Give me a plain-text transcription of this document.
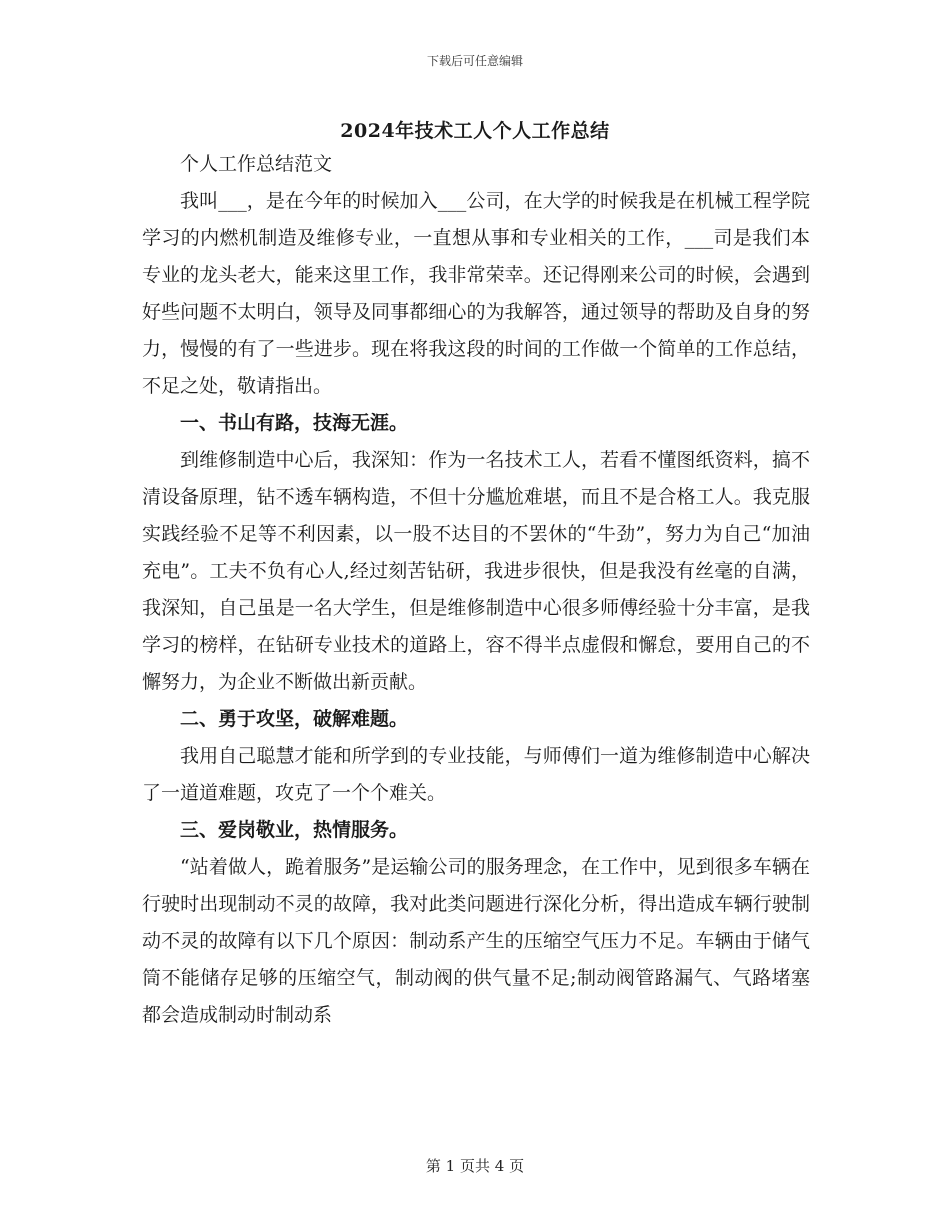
下载后可任意编辑
2024年技术工人个人工作总结

个人工作总结范文

我叫___，是在今年的时候加入___公司，在大学的时候我是在机械工程学院学习的内燃机制造及维修专业，一直想从事和专业相关的工作，___司是我们本专业的龙头老大，能来这里工作，我非常荣幸。还记得刚来公司的时候，会遇到好些问题不太明白，领导及同事都细心的为我解答，通过领导的帮助及自身的努力，慢慢的有了一些进步。现在将我这段的时间的工作做一个简单的工作总结，不足之处，敬请指出。

一、书山有路，技海无涯。

到维修制造中心后，我深知：作为一名技术工人，若看不懂图纸资料，搞不清设备原理，钻不透车辆构造，不但十分尴尬难堪，而且不是合格工人。我克服实践经验不足等不利因素，以一股不达目的不罢休的“牛劲”，努力为自己“加油充电”。工夫不负有心人,经过刻苦钻研，我进步很快，但是我没有丝毫的自满，我深知，自己虽是一名大学生，但是维修制造中心很多师傅经验十分丰富，是我学习的榜样，在钻研专业技术的道路上，容不得半点虚假和懈怠，要用自己的不懈努力，为企业不断做出新贡献。

二、勇于攻坚，破解难题。

我用自己聪慧才能和所学到的专业技能，与师傅们一道为维修制造中心解决了一道道难题，攻克了一个个难关。

三、爱岗敬业，热情服务。

“站着做人，跪着服务”是运输公司的服务理念，在工作中，见到很多车辆在行驶时出现制动不灵的故障，我对此类问题进行深化分析，得出造成车辆行驶制动不灵的故障有以下几个原因：制动系产生的压缩空气压力不足。车辆由于储气筒不能储存足够的压缩空气，制动阀的供气量不足;制动阀管路漏气、气路堵塞都会造成制动时制动系

第 1 页共 4 页
